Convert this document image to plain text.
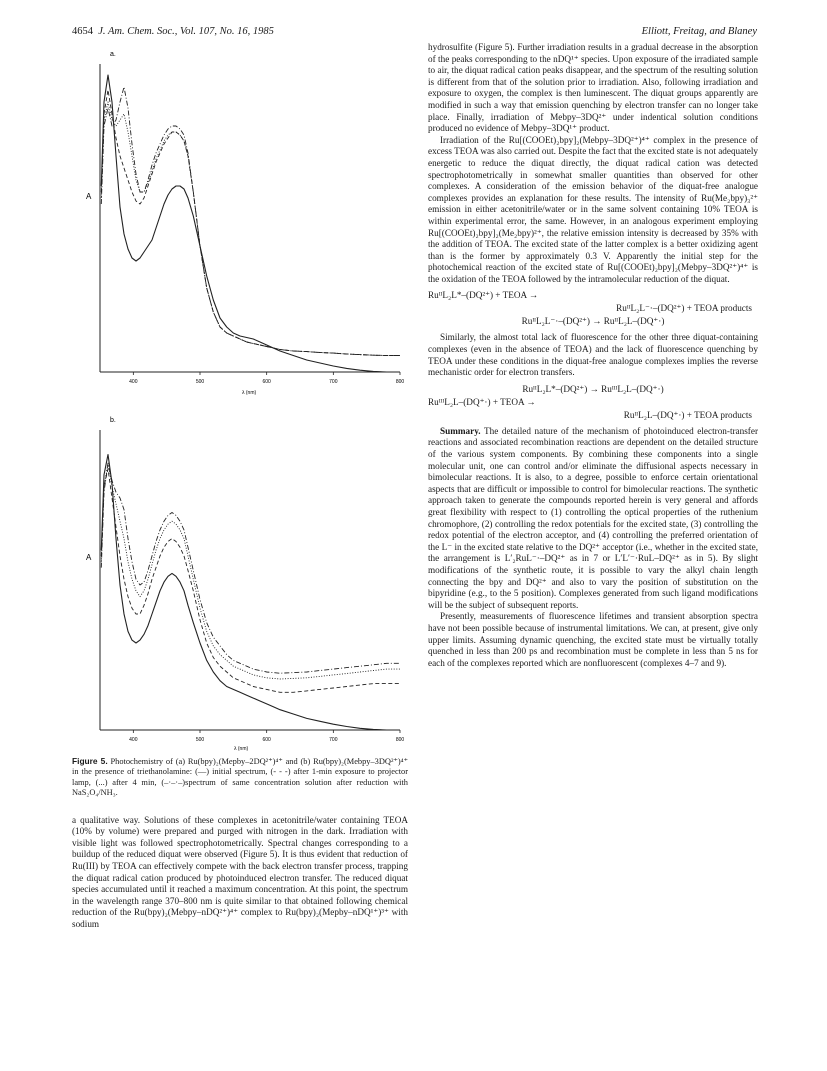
4654 J. Am. Chem. Soc., Vol. 107, No. 16, 1985	Elliott, Freitag, and Blaney
a.
A
400	500	600	700	800
λ (nm)
b.
A
400	500	600	700	800
λ (nm)
Figure 5. Photochemistry of (a) Ru(bpy)₂(Mepby–2DQ²⁺)⁴⁺ and (b) Ru(bpy)₂(Mebpy–3DQ²⁺)⁴⁺ in the presence of triethanolamine: (—) initial spectrum, (- - -) after 1-min exposure to projector lamp, (...) after 4 min, (–·–·–)spectrum of same concentration solution after reduction with NaS₂O₄/NH₃.

a qualitative way. Solutions of these complexes in acetonitrile/water containing TEOA (10% by volume) were prepared and purged with nitrogen in the dark. Irradiation with visible light was followed spectrophotometrically. Spectral changes corresponding to a buildup of the reduced diquat were observed (Figure 5). It is thus evident that reduction of Ru(III) by TEOA can effectively compete with the back electron transfer process, trapping the diquat radical cation produced by photoinduced electron transfer. The reduced diquat species accumulated until it reached a maximum concentration. At this point, the spectrum in the wavelength range 370–800 nm is quite similar to that obtained following chemical reduction of the Ru(bpy)₂(Mebpy–nDQ²⁺)⁴⁺ complex to Ru(bpy)₂(Mepby–nDQ¹⁺)³⁺ with sodium

hydrosulfite (Figure 5). Further irradiation results in a gradual decrease in the absorption of the peaks corresponding to the nDQ¹⁺ species. Upon exposure of the irradiated sample to air, the diquat radical cation peaks disappear, and the spectrum of the resulting solution is different from that of the solution prior to irradiation. Also, following irradiation and exposure to oxygen, the complex is then luminescent. The diquat groups apparently are modified in such a way that emission quenching by electron transfer can no longer take place. Finally, irradiation of Mebpy–3DQ²⁺ under indentical solution conditions produced no evidence of Mebpy–3DQ¹⁺ product.

Irradiation of the Ru[(COOEt)₂bpy]₂(Mebpy–3DQ²⁺)⁴⁺ complex in the presence of excess TEOA was also carried out. Despite the fact that the excited state is not adequately energetic to reduce the diquat directly, the diquat radical cation was detected spectrophotometrically in somewhat smaller quantities than observed for other complexes. A consideration of the emission behavior of the diquat-free analogue complexes provides an explanation for these results. The intensity of Ru(Me₂bpy)₃²⁺ emission in either acetonitrile/water or in the same solvent containing 10% TEOA is within experimental error, the same. However, in an analogous experiment employing Ru[(COOEt)₂bpy]₂(Me₂bpy)²⁺, the relative emission intensity is decreased by 35% with the addition of TEOA. The excited state of the latter complex is a better oxidizing agent than is the former by approximately 0.3 V. Apparently the initial step for the photochemical reaction of the excited state of Ru[(COOEt)₂bpy]₂(Mebpy–3DQ²⁺)⁴⁺ is the oxidation of the TEOA followed by the intramolecular reduction of the diquat.

RuᴵᴵL₂L*–(DQ²⁺) + TEOA →
RuᴵᴵL₂L⁻·–(DQ²⁺) + TEOA products
RuᴵᴵL₂L⁻·–(DQ²⁺) → RuᴵᴵL₂L–(DQ⁺·)

Similarly, the almost total lack of fluorescence for the other three diquat-containing complexes (even in the absence of TEOA) and the lack of fluorescence quenching by TEOA under these conditions in the diquat-free analogue complexes implies the reverse mechanistic order for electron transfers.

RuᴵᴵL₂L*–(DQ²⁺) → RuᴵᴵᴵL₂L–(DQ⁺·)
RuᴵᴵᴵL₂L–(DQ⁺·) + TEOA →
RuᴵᴵL₂L–(DQ⁺·) + TEOA products

Summary. The detailed nature of the mechanism of photoinduced electron-transfer reactions and associated recombination reactions are dependent on the detailed structure of the various system components. By combining these components into a single molecular unit, one can control and/or eliminate the diffusional aspects necessary in bimolecular reactions. It is also, to a degree, possible to enforce certain orientational aspects that are difficult or impossible to control for bimolecular reactions. The synthetic approach taken to generate the compounds reported herein is very general and affords great flexibility with respect to (1) controlling the optical properties of the ruthenium chromophore, (2) controlling the redox potentials for the excited state, (3) controlling the redox potential of the electron acceptor, and (4) controlling the preferred orientation of the L⁻ in the excited state relative to the DQ²⁺ acceptor (i.e., whether in the excited state, the arrangement is L′₂RuL⁻·–DQ²⁺ as in 7 or L′L′⁻·RuL–DQ²⁺ as in 5). By slight modifications of the synthetic route, it is possible to vary the alkyl chain length connecting the bpy and DQ²⁺ and also to vary the position of substitution on the bipyridine (e.g., to the 5 position). Complexes generated from such ligand modifications will be the subject of subsequent reports.

Presently, measurements of fluorescence lifetimes and transient absorption spectra have not been possible because of instrumental limitations. We can, at present, give only upper limits. Assuming dynamic quenching, the excited state must be virtually totally quenched in less than 200 ps and recombination must be complete in less than 5 ns for each of the complexes reported which are nonfluorescent (complexes 4–7 and 9).
